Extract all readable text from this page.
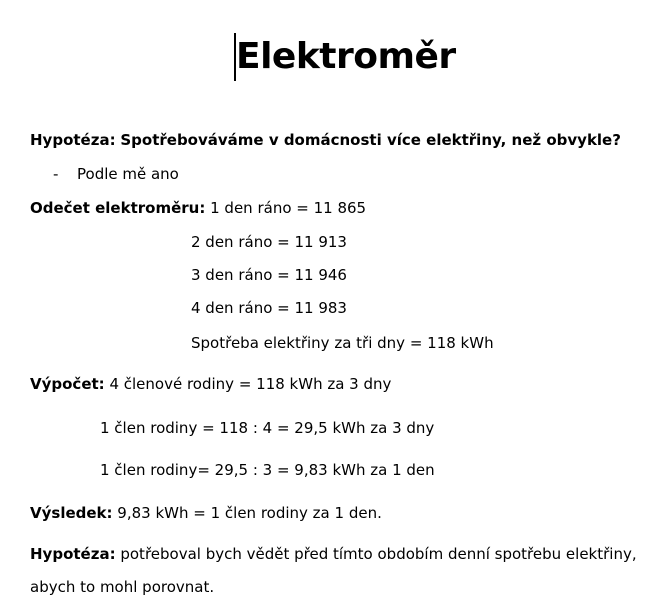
Elektroměr
Hypotéza: Spotřebováváme v domácnosti více elektřiny, než obvykle?
- Podle mě ano
Odečet elektroměru: 1 den ráno = 11 865
2 den ráno = 11 913
3 den ráno = 11 946
4 den ráno = 11 983
Spotřeba elektřiny za tři dny = 118 kWh
Výpočet: 4 členové rodiny = 118 kWh za 3 dny
1 člen rodiny = 118 : 4 = 29,5 kWh za 3 dny
1 člen rodiny= 29,5 : 3 = 9,83 kWh za 1 den
Výsledek: 9,83 kWh = 1 člen rodiny za 1 den.
Hypotéza: potřeboval bych vědět před tímto obdobím denní spotřebu elektřiny,
abych to mohl porovnat.
